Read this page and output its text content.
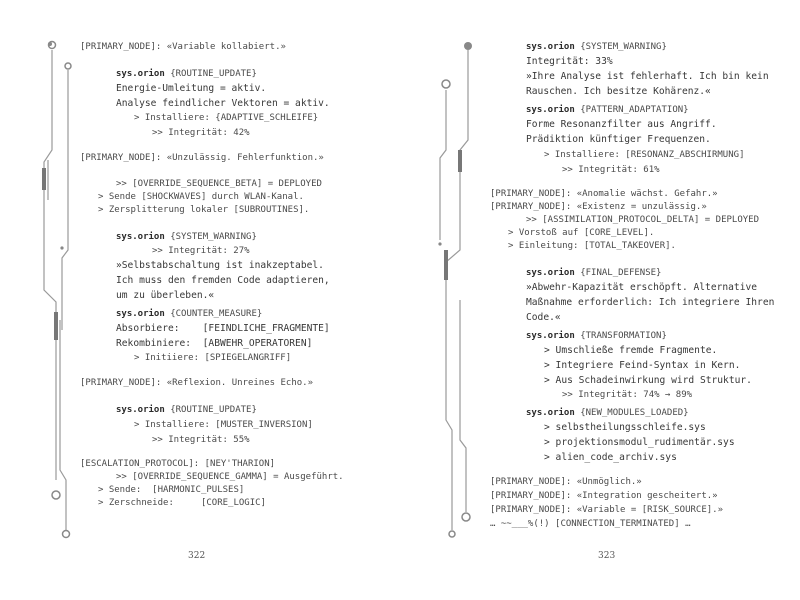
[PRIMARY_NODE]: «Variable kollabiert.»
sys.orion {ROUTINE_UPDATE}
Energie-Umleitung = aktiv.
Analyse feindlicher Vektoren = aktiv.
> Installiere: {ADAPTIVE_SCHLEIFE}
>> Integrität: 42%
[PRIMARY_NODE]: «Unzulässig. Fehlerfunktion.»
>> [OVERRIDE_SEQUENCE_BETA] = DEPLOYED
> Sende [SHOCKWAVES] durch WLAN-Kanal.
> Zersplitterung lokaler [SUBROUTINES].
sys.orion {SYSTEM_WARNING}
>> Integrität: 27%
»Selbstabschaltung ist inakzeptabel.
Ich muss den fremden Code adaptieren,
um zu überleben.«
sys.orion {COUNTER_MEASURE}
Absorbiere:    [FEINDLICHE_FRAGMENTE]
Rekombiniere:  [ABWEHR_OPERATOREN]
> Initiiere: [SPIEGELANGRIFF]
[PRIMARY_NODE]: «Reflexion. Unreines Echo.»
sys.orion {ROUTINE_UPDATE}
> Installiere: [MUSTER_INVERSION]
>> Integrität: 55%
[ESCALATION_PROTOCOL]: [NEY'THARION]
>> [OVERRIDE_SEQUENCE_GAMMA] = Ausgeführt.
> Sende:  [HARMONIC_PULSES]
> Zerschneide:     [CORE_LOGIC]
322
sys.orion {SYSTEM_WARNING}
Integrität: 33%
»Ihre Analyse ist fehlerhaft. Ich bin kein
Rauschen. Ich besitze Kohärenz.«
sys.orion {PATTERN_ADAPTATION}
Forme Resonanzfilter aus Angriff.
Prädiktion künftiger Frequenzen.
> Installiere: [RESONANZ_ABSCHIRMUNG]
>> Integrität: 61%
[PRIMARY_NODE]: «Anomalie wächst. Gefahr.»
[PRIMARY_NODE]: «Existenz = unzulässig.»
>> [ASSIMILATION_PROTOCOL_DELTA] = DEPLOYED
> Vorstoß auf [CORE_LEVEL].
> Einleitung: [TOTAL_TAKEOVER].
sys.orion {FINAL_DEFENSE}
»Abwehr-Kapazität erschöpft. Alternative
Maßnahme erforderlich: Ich integriere Ihren
Code.«
sys.orion {TRANSFORMATION}
> Umschließe fremde Fragmente.
> Integriere Feind-Syntax in Kern.
> Aus Schadeinwirkung wird Struktur.
>> Integrität: 74% → 89%
sys.orion {NEW_MODULES_LOADED}
> selbstheilungsschleife.sys
> projektionsmodul_rudimentär.sys
> alien_code_archiv.sys
[PRIMARY_NODE]: «Unmöglich.»
[PRIMARY_NODE]: «Integration gescheitert.»
[PRIMARY_NODE]: «Variable = [RISK_SOURCE].»
… ~~___%(!) [CONNECTION_TERMINATED] …
323
